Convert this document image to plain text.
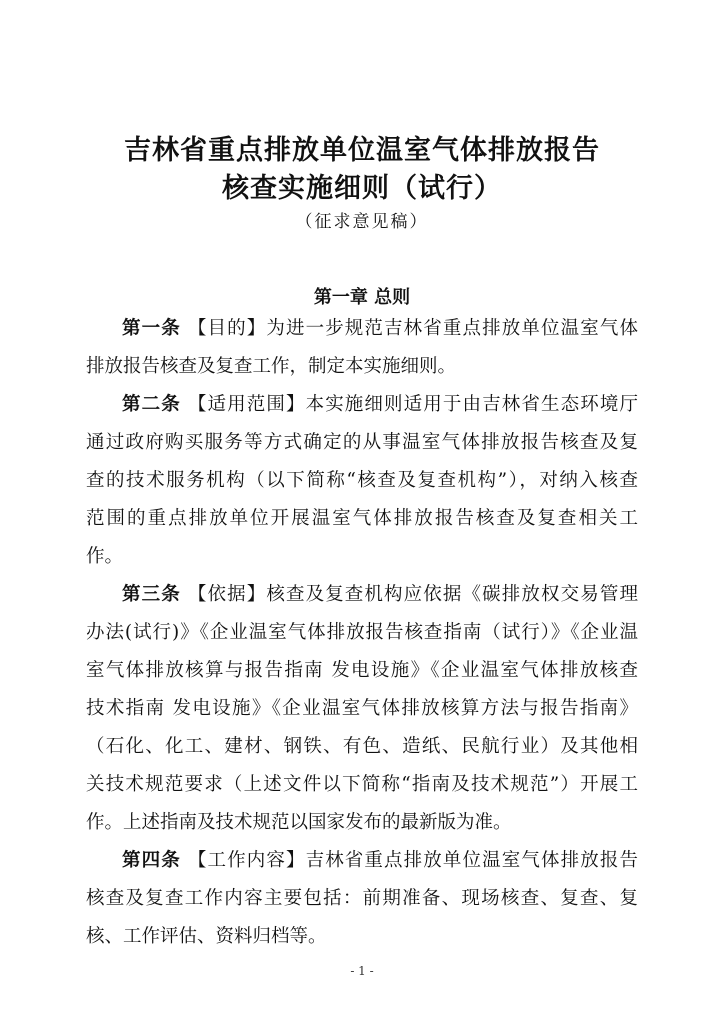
吉林省重点排放单位温室气体排放报告
核查实施细则（试行）
（征求意见稿）
第一章 总则
第一条 【目的】为进一步规范吉林省重点排放单位温室气体
排放报告核查及复查工作，制定本实施细则。
第二条 【适用范围】本实施细则适用于由吉林省生态环境厅
通过政府购买服务等方式确定的从事温室气体排放报告核查及复
查的技术服务机构（以下简称“核查及复查机构”），对纳入核查
范围的重点排放单位开展温室气体排放报告核查及复查相关工
作。
第三条 【依据】核查及复查机构应依据《碳排放权交易管理
办法(试行)》《企业温室气体排放报告核查指南（试行）》《企业温
室气体排放核算与报告指南 发电设施》《企业温室气体排放核查
技术指南 发电设施》《企业温室气体排放核算方法与报告指南》
（石化、化工、建材、钢铁、有色、造纸、民航行业）及其他相
关技术规范要求（上述文件以下简称“指南及技术规范”）开展工
作。上述指南及技术规范以国家发布的最新版为准。
第四条 【工作内容】吉林省重点排放单位温室气体排放报告
核查及复查工作内容主要包括：前期准备、现场核查、复查、复
核、工作评估、资料归档等。
- 1 -
